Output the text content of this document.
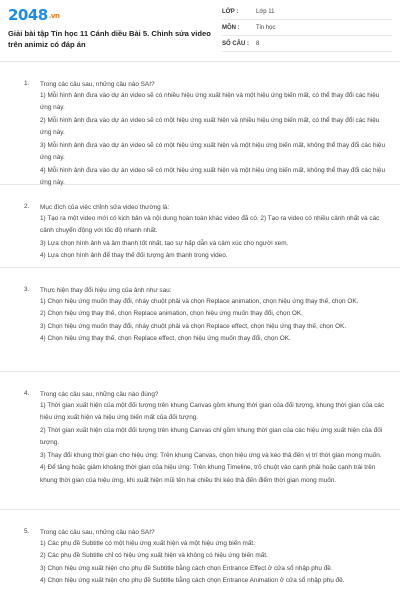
2048.vn
Giải bài tập Tin học 11 Cánh diều Bài 5. Chỉnh sửa video trên animiz có đáp án
LỚP :	Lớp 11
MÔN :	Tin học
SỐ CÂU :	8
1.	Trong các câu sau, những câu nào SAI?
1) Mỗi hình ảnh đưa vào dự án video sẽ có nhiều hiệu ứng xuất hiện và một hiệu ứng biến mất, có thể thay đổi các hiệu ứng này.
2) Mỗi hình ảnh đưa vào dự án video sẽ có một hiệu ứng xuất hiện và nhiều hiệu ứng biến mất, có thể thay đổi các hiệu ứng này.
3) Mỗi hình ảnh đưa vào dự án video sẽ có một hiệu ứng xuất hiện và một hiệu ứng biến mất, không thể thay đổi các hiệu ứng này.
4) Mỗi hình ảnh đưa vào dự án video sẽ có một hiệu ứng xuất hiện và một hiệu ứng biến mất, không thể thay đổi các hiệu ứng này.
2.	Mục đích của việc chỉnh sửa video thường là:
1) Tạo ra một video mới có kịch bản và nội dung hoàn toàn khác video đã có. 2) Tạo ra video có nhiều cảnh nhất và các cảnh chuyển động với tốc độ nhanh nhất.
3) Lựa chọn hình ảnh và âm thanh tốt nhất, tạo sự hấp dẫn và cảm xúc cho người xem.
4) Lựa chọn hình ảnh để thay thế đối tượng âm thanh trong video.
3.	Thực hiện thay đổi hiệu ứng của ảnh như sau:
1) Chọn hiệu ứng muốn thay đổi, nháy chuột phải và chọn Replace animation, chọn hiệu ứng thay thế, chọn OK.
2) Chọn hiệu ứng thay thế, chọn Replace animation, chọn hiệu ứng muốn thay đổi, chọn OK.
3) Chọn hiệu ứng muốn thay đổi, nháy chuột phải và chọn Replace effect, chọn hiệu ứng thay thế, chọn OK.
4) Chọn hiệu ứng thay thế, chọn Replace effect, chọn hiệu ứng muốn thay đổi, chọn OK.
4.	Trong các câu sau, những câu nào đúng?
1) Thời gian xuất hiện của một đối tượng trên khung Canvas gồm khung thời gian của đối tượng, khung thời gian của các hiệu ứng xuất hiện và hiệu ứng biến mất của đối tượng.
2) Thời gian xuất hiện của một đối tượng trên khung Canvas chỉ gồm khung thời gian của các hiệu ứng xuất hiện của đối tượng.
3) Thay đổi khung thời gian cho hiệu ứng: Trên khung Canvas, chọn hiệu ứng và kéo thả đến vị trí thời gian mong muốn.
4) Để tăng hoặc giảm khoảng thời gian của hiệu ứng: Trên khung Timeline, trỏ chuột vào cạnh phải hoặc cạnh trái trên khung thời gian của hiệu ứng, khi xuất hiện mũi tên hai chiều thì kéo thả đến điểm thời gian mong muốn.
5.	Trong các câu sau, những câu nào SAI?
1) Các phụ đề Subtitle có một hiệu ứng xuất hiện và một hiệu ứng biến mất.
2) Các phụ đề Subtitle chỉ có hiệu ứng xuất hiện và không có hiệu ứng biến mất.
3) Chọn hiệu ứng xuất hiện cho phụ đề Subtitle bằng cách chọn Entrance Effect ở cửa sổ nhập phụ đề.
4) Chọn hiệu ứng xuất hiện cho phụ đề Subtitle bằng cách chọn Entrance Animation ở cửa sổ nhập phụ đề.
